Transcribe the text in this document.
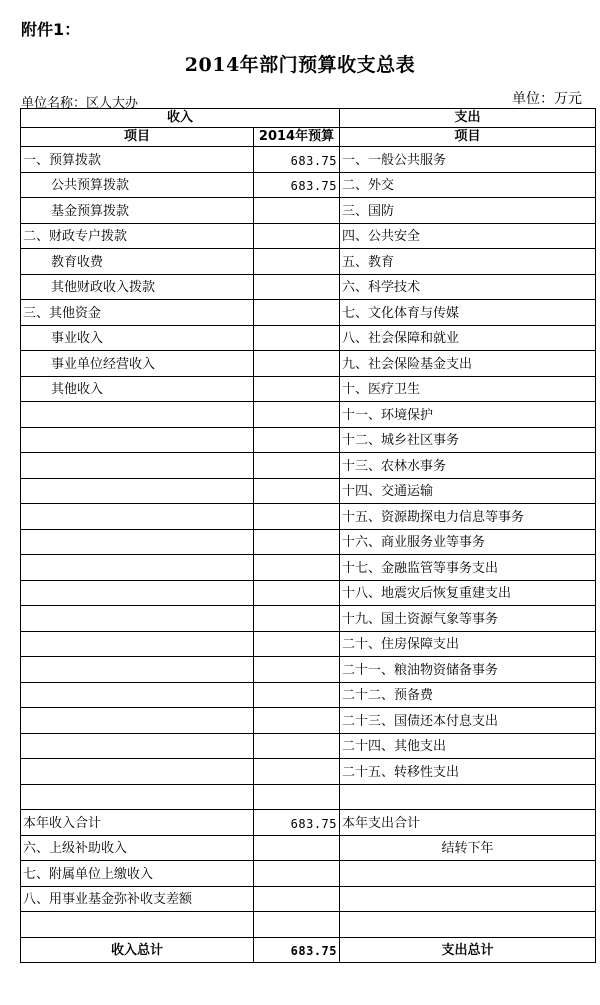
附件1：
2014年部门预算收支总表
单位名称：区人大办	单位：万元
收入		支出
项目	2014年预算	项目
一、预算拨款	683.75	一、一般公共服务
公共预算拨款	683.75	二、外交
基金预算拨款		三、国防
二、财政专户拨款		四、公共安全
教育收费		五、教育
其他财政收入拨款		六、科学技术
三、其他资金		七、文化体育与传媒
事业收入		八、社会保障和就业
事业单位经营收入		九、社会保险基金支出
其他收入		十、医疗卫生
		十一、环境保护
		十二、城乡社区事务
		十三、农林水事务
		十四、交通运输
		十五、资源勘探电力信息等事务
		十六、商业服务业等事务
		十七、金融监管等事务支出
		十八、地震灾后恢复重建支出
		十九、国土资源气象等事务
		二十、住房保障支出
		二十一、粮油物资储备事务
		二十二、预备费
		二十三、国债还本付息支出
		二十四、其他支出
		二十五、转移性支出

本年收入合计	683.75	本年支出合计
六、上级补助收入		结转下年
七、附属单位上缴收入		
八、用事业基金弥补收支差额		

收入总计	683.75	支出总计
